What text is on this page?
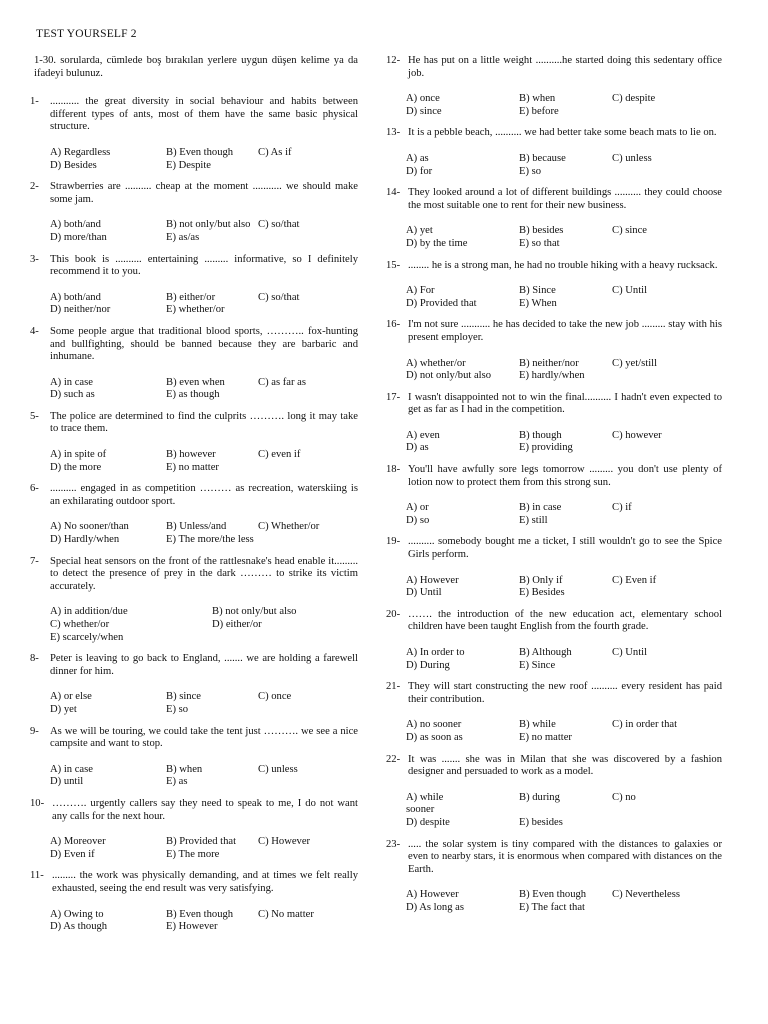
TEST YOURSELF 2
1-30. sorularda, cümlede boş bırakılan yerlere uygun düşen kelime ya da ifadeyi bulunuz.
1- ........... the great diversity in social behaviour and habits between different types of ants, most of them have the same basic physical structure.
A) Regardless	B) Even though	C) As if
D) Besides	E) Despite
2- Strawberries are .......... cheap at the moment ........... we should make some jam.
A) both/and	B) not only/but also C) so/that
D) more/than	E) as/as
3- This book is .......... entertaining ......... informative, so I definitely recommend it to you.
A) both/and	B) either/or	C) so/that
D) neither/nor	E) whether/or
4- Some people argue that traditional blood sports, ……….. fox-hunting and bullfighting, should be banned because they are barbaric and inhumane.
A) in case	B) even when	C) as far as
D) such as	E) as though
5- The police are determined to find the culprits ………. long it may take to trace them.
A) in spite of	B) however	C) even if
D) the more	E) no matter
6- .......... engaged in as competition ……… as recreation, waterskiing is an exhilarating outdoor sport.
A) No sooner/than	B) Unless/and	C) Whether/or
D) Hardly/when	E) The more/the less
7- Special heat sensors on the front of the rattlesnake's head enable it......... to detect the presence of prey in the dark ……… to strike its victim accurately.
A) in addition/due	B) not only/but also
C) whether/or	D) either/or
E) scarcely/when
8- Peter is leaving to go back to England, ....... we are holding a farewell dinner for him.
A) or else	B) since	C) once
D) yet	E) so
9- As we will be touring, we could take the tent just ………. we see a nice campsite and want to stop.
A) in case	B) when	C) unless
D) until	E) as
10- ………. urgently callers say they need to speak to me, I do not want any calls for the next hour.
A) Moreover	B) Provided that	C) However
D) Even if	E) The more
11- ......... the work was physically demanding, and at times we felt really exhausted, seeing the end result was very satisfying.
A) Owing to	B) Even though	C) No matter
D) As though	E) However
12- He has put on a little weight ..........he started doing this sedentary office job.
A) once	B) when	C) despite
D) since	E) before
13- It is a pebble beach, .......... we had better take some beach mats to lie on.
A) as	B) because	C) unless
D) for	E) so
14- They looked around a lot of different buildings .......... they could choose the most suitable one to rent for their new business.
A) yet	B) besides	C) since
D) by the time	E) so that
15- ........ he is a strong man, he had no trouble hiking with a heavy rucksack.
A) For	B) Since	C) Until
D) Provided that	E) When
16- I'm not sure ........... he has decided to take the new job ......... stay with his present employer.
A) whether/or	B) neither/nor	C) yet/still
D) not only/but also	E) hardly/when
17- I wasn't disappointed not to win the final.......... I hadn't even expected to get as far as I had in the competition.
A) even	B) though	C) however
D) as	E) providing
18- You'll have awfully sore legs tomorrow ......... you don't use plenty of lotion now to protect them from this strong sun.
A) or	B) in case	C) if
D) so	E) still
19- .......... somebody bought me a ticket, I still wouldn't go to see the Spice Girls perform.
A) However	B) Only if	C) Even if
D) Until	E) Besides
20- ……. the introduction of the new education act, elementary school children have been taught English from the fourth grade.
A) In order to	B) Although	C) Until
D) During	E) Since
21- They will start constructing the new roof .......... every resident has paid their contribution.
A) no sooner	B) while	C) in order that
D) as soon as	E) no matter
22- It was ....... she was in Milan that she was discovered by a fashion designer and persuaded to work as a model.
A) while	B) during	C) no
sooner
D) despite	E) besides
23- ..... the solar system is tiny compared with the distances to galaxies or even to nearby stars, it is enormous when compared with distances on the Earth.
A) However	B) Even though	C) Nevertheless
D) As long as	E) The fact that
